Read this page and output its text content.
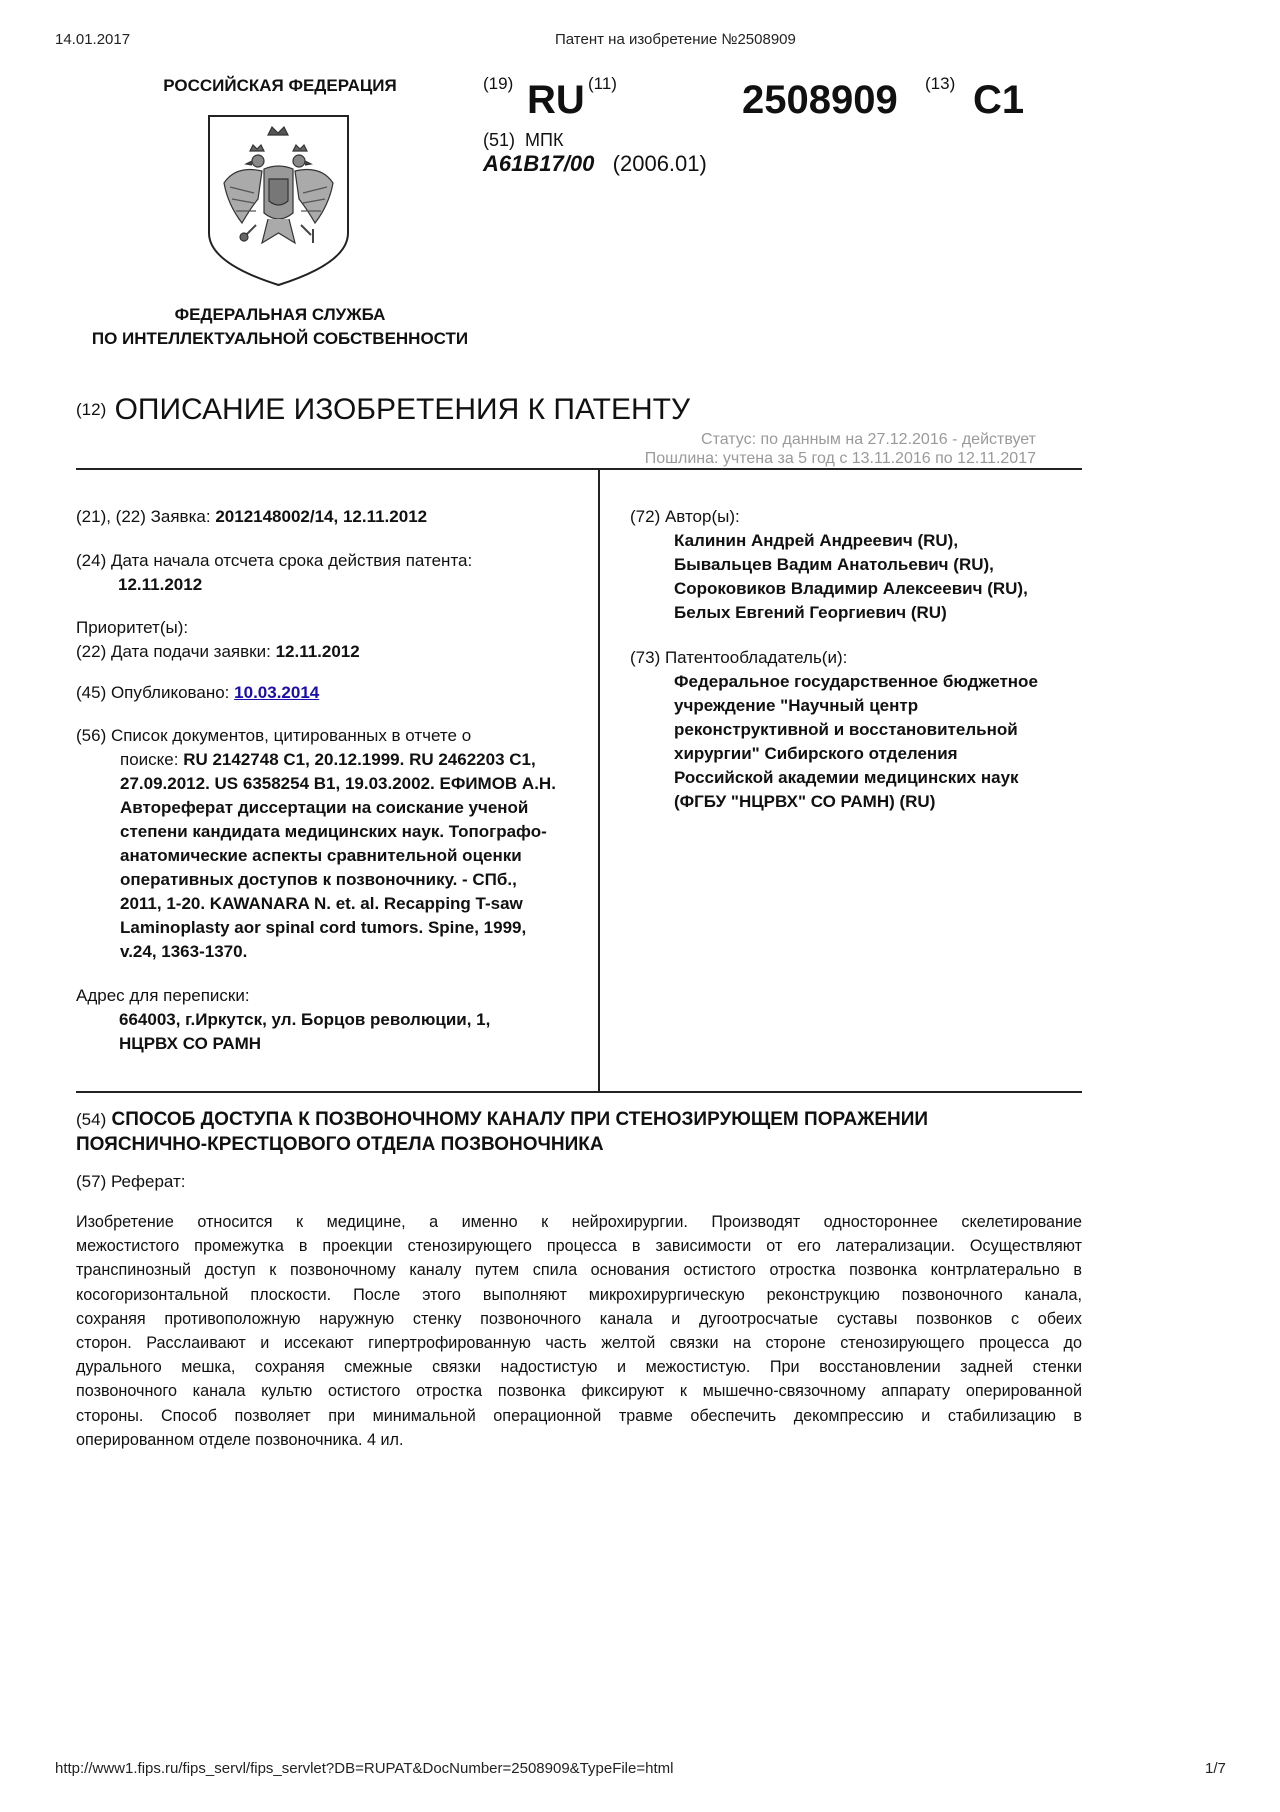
14.01.2017	Патент на изобретение №2508909
РОССИЙСКАЯ ФЕДЕРАЦИЯ
ФЕДЕРАЛЬНАЯ СЛУЖБА
ПО ИНТЕЛЛЕКТУАЛЬНОЙ СОБСТВЕННОСТИ
(19) RU (11)	2508909 (13) C1
(51) МПК
A61B17/00 (2006.01)
$^{(12)}$ ОПИСАНИЕ ИЗОБРЕТЕНИЯ К ПАТЕНТУ
Статус: по данным на 27.12.2016 - действует
Пошлина: учтена за 5 год с 13.11.2016 по 12.11.2017
(21), (22) Заявка: 2012148002/14, 12.11.2012
(24) Дата начала отсчета срока действия патента:
12.11.2012
Приоритет(ы):
(22) Дата подачи заявки: 12.11.2012
(45) Опубликовано: 10.03.2014
(56) Список документов, цитированных в отчете о
поиске: RU 2142748 C1, 20.12.1999. RU 2462203 C1,
27.09.2012. US 6358254 B1, 19.03.2002. ЕФИМОВ А.Н.
Автореферат диссертации на соискание ученой
степени кандидата медицинских наук. Топографо-
анатомические аспекты сравнительной оценки
оперативных доступов к позвоночнику. - СПб.,
2011, 1-20. KAWANARA N. et. al. Recapping T-saw
Laminoplasty aor spinal cord tumors. Spine, 1999,
v.24, 1363-1370.
Адрес для переписки:
664003, г.Иркутск, ул. Борцов революции, 1,
НЦРВХ СО РАМН
(72) Автор(ы):
Калинин Андрей Андреевич (RU),
Бывальцев Вадим Анатольевич (RU),
Сороковиков Владимир Алексеевич (RU),
Белых Евгений Георгиевич (RU)
(73) Патентообладатель(и):
Федеральное государственное бюджетное
учреждение "Научный центр
реконструктивной и восстановительной
хирургии" Сибирского отделения
Российской академии медицинских наук
(ФГБУ "НЦРВХ" СО РАМН) (RU)
(54) СПОСОБ ДОСТУПА К ПОЗВОНОЧНОМУ КАНАЛУ ПРИ СТЕНОЗИРУЮЩЕМ ПОРАЖЕНИИ
ПОЯСНИЧНО-КРЕСТЦОВОГО ОТДЕЛА ПОЗВОНОЧНИКА
(57) Реферат:
Изобретение относится к медицине, а именно к нейрохирургии. Производят одностороннее скелетирование
межостистого промежутка в проекции стенозирующего процесса в зависимости от его латерализации. Осуществляют
транспинозный доступ к позвоночному каналу путем спила основания остистого отростка позвонка контрлатерально в
косогоризонтальной плоскости. После этого выполняют микрохирургическую реконструкцию позвоночного канала,
сохраняя противоположную наружную стенку позвоночного канала и дугоотросчатые суставы позвонков с обеих
сторон. Расслаивают и иссекают гипертрофированную часть желтой связки на стороне стенозирующего процесса до
дурального мешка, сохраняя смежные связки надостистую и межостистую. При восстановлении задней стенки
позвоночного канала культю остистого отростка позвонка фиксируют к мышечно-связочному аппарату оперированной
стороны. Способ позволяет при минимальной операционной травме обеспечить декомпрессию и стабилизацию в
оперированном отделе позвоночника. 4 ил.
http://www1.fips.ru/fips_servl/fips_servlet?DB=RUPAT&DocNumber=2508909&TypeFile=html	1/7
